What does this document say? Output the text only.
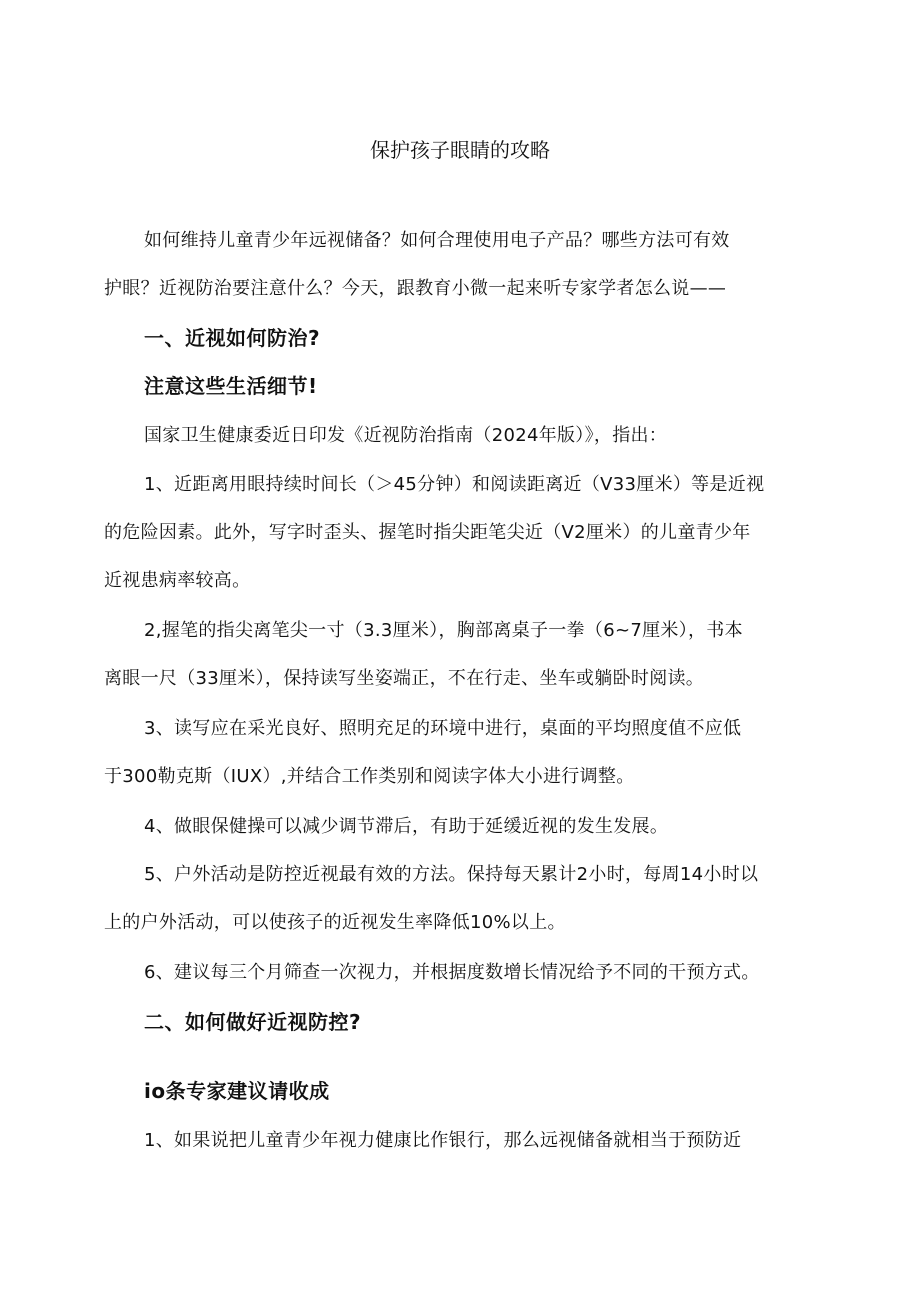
保护孩子眼睛的攻略

如何维持儿童青少年远视储备？如何合理使用电子产品？哪些方法可有效

护眼？近视防治要注意什么？今天，跟教育小微一起来听专家学者怎么说——

一、近视如何防治?

注意这些生活细节!

国家卫生健康委近日印发《近视防治指南（2024年版）》，指出：

1、近距离用眼持续时间长（＞45分钟）和阅读距离近（V33厘米）等是近视

的危险因素。此外，写字时歪头、握笔时指尖距笔尖近（V2厘米）的儿童青少年

近视患病率较高。

2,握笔的指尖离笔尖一寸（3.3厘米），胸部离桌子一拳（6~7厘米），书本

离眼一尺（33厘米），保持读写坐姿端正，不在行走、坐车或躺卧时阅读。

3、读写应在采光良好、照明充足的环境中进行，桌面的平均照度值不应低

于300勒克斯（IUX）,并结合工作类别和阅读字体大小进行调整。

4、做眼保健操可以减少调节滞后，有助于延缓近视的发生发展。

5、户外活动是防控近视最有效的方法。保持每天累计2小时，每周14小时以

上的户外活动，可以使孩子的近视发生率降低10%以上。

6、建议每三个月筛查一次视力，并根据度数增长情况给予不同的干预方式。

二、如何做好近视防控?

io条专家建议请收成

1、如果说把儿童青少年视力健康比作银行，那么远视储备就相当于预防近
